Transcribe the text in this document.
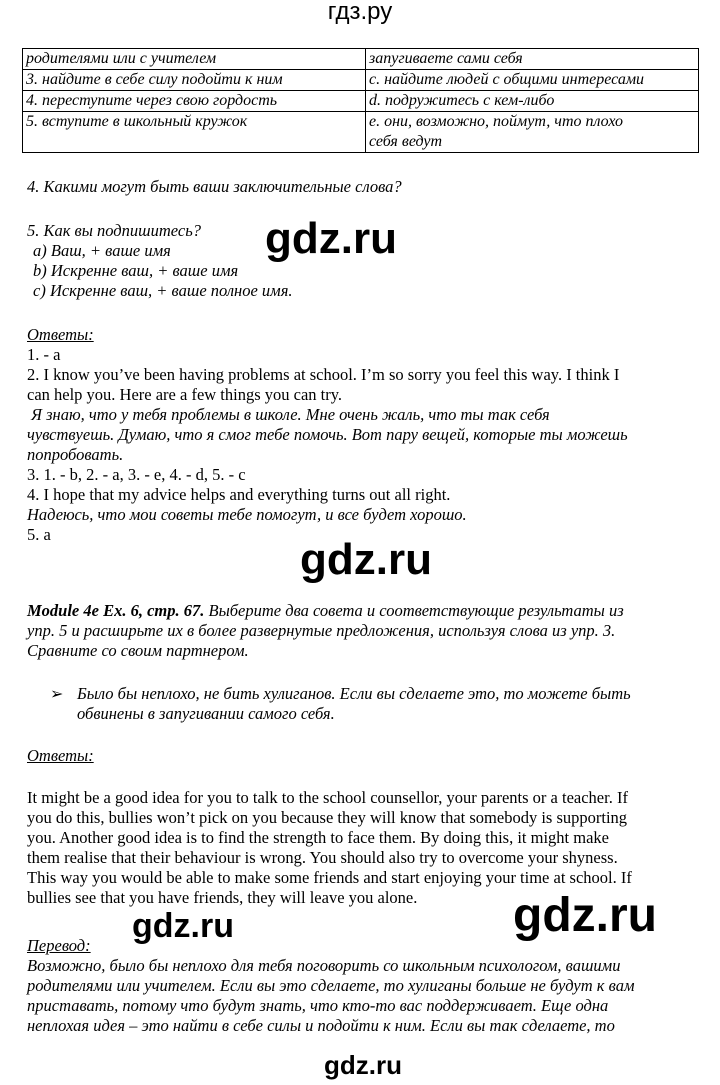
гдз.ру
родителями или с учителем	запугиваете сами себя
3. найдите в себе силу подойти к ним	c. найдите людей с общими интересами
4. переступите через свою гордость	d. подружитесь с кем-либо
5. вступите в школьный кружок	e. они, возможно, поймут, что плохо
себя ведут
4. Какими могут быть ваши заключительные слова?
5. Как вы подпишитесь?
a) Ваш, + ваше имя
b) Искренне ваш, + ваше имя
c) Искренне ваш, + ваше полное имя.
Ответы:
1. - a
2. I know you’ve been having problems at school. I’m so sorry you feel this way. I think I
can help you. Here are a few things you can try.
Я знаю, что у тебя проблемы в школе. Мне очень жаль, что ты так себя
чувствуешь. Думаю, что я смог тебе помочь. Вот пару вещей, которые ты можешь
попробовать.
3. 1. - b, 2. - a, 3. - e, 4. - d, 5. - c
4. I hope that my advice helps and everything turns out all right.
Надеюсь, что мои советы тебе помогут, и все будет хорошо.
5. a
Module 4e Ex. 6, стр. 67. Выберите два совета и соответствующие результаты из
упр. 5 и расширьте их в более развернутые предложения, используя слова из упр. 3.
Сравните со своим партнером.
➢ Было бы неплохо, не бить хулиганов. Если вы сделаете это, то можете быть
обвинены в запугивании самого себя.
Ответы:
It might be a good idea for you to talk to the school counsellor, your parents or a teacher. If
you do this, bullies won’t pick on you because they will know that somebody is supporting
you. Another good idea is to find the strength to face them. By doing this, it might make
them realise that their behaviour is wrong. You should also try to overcome your shyness.
This way you would be able to make some friends and start enjoying your time at school. If
bullies see that you have friends, they will leave you alone.
Перевод:
Возможно, было бы неплохо для тебя поговорить со школьным психологом, вашими
родителями или учителем. Если вы это сделаете, то хулиганы больше не будут к вам
приставать, потому что будут знать, что кто-то вас поддерживает. Еще одна
неплохая идея – это найти в себе силы и подойти к ним. Если вы так сделаете, то
gdz.ru
gdz.ru
gdz.ru
gdz.ru
gdz.ru
